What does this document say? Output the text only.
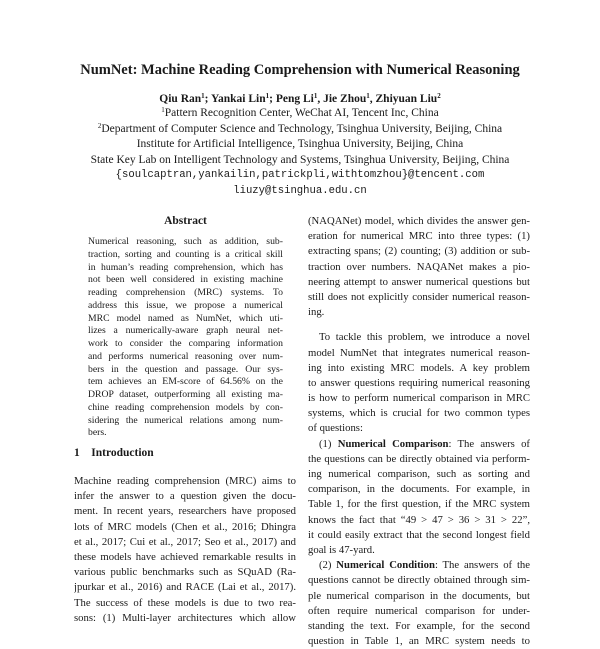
NumNet: Machine Reading Comprehension with Numerical Reasoning
Qiu Ran$^1$; Yankai Lin$^1$; Peng Li$^1$, Jie Zhou$^1$, Zhiyuan Liu$^2$
$^1$Pattern Recognition Center, WeChat AI, Tencent Inc, China
$^2$Department of Computer Science and Technology, Tsinghua University, Beijing, China
Institute for Artificial Intelligence, Tsinghua University, Beijing, China
State Key Lab on Intelligent Technology and Systems, Tsinghua University, Beijing, China
{soulcaptran,yankailin,patrickpli,withtomzhou}@tencent.com
liuzy@tsinghua.edu.cn
Abstract
Numerical reasoning, such as addition, sub-
traction, sorting and counting is a critical skill
in human’s reading comprehension, which has
not been well considered in existing machine
reading comprehension (MRC) systems. To
address this issue, we propose a numerical
MRC model named as NumNet, which uti-
lizes a numerically-aware graph neural net-
work to consider the comparing information
and performs numerical reasoning over num-
bers in the question and passage. Our sys-
tem achieves an EM-score of 64.56% on the
DROP dataset, outperforming all existing ma-
chine reading comprehension models by con-
sidering the numerical relations among num-
bers.
1 Introduction
Machine reading comprehension (MRC) aims to
infer the answer to a question given the docu-
ment. In recent years, researchers have proposed
lots of MRC models (Chen et al., 2016; Dhingra
et al., 2017; Cui et al., 2017; Seo et al., 2017) and
these models have achieved remarkable results in
various public benchmarks such as SQuAD (Ra-
jpurkar et al., 2016) and RACE (Lai et al., 2017).
The success of these models is due to two rea-
sons: (1) Multi-layer architectures which allow
(NAQANet) model, which divides the answer gen-
eration for numerical MRC into three types: (1)
extracting spans; (2) counting; (3) addition or sub-
traction over numbers. NAQANet makes a pio-
neering attempt to answer numerical questions but
still does not explicitly consider numerical reason-
ing.
To tackle this problem, we introduce a novel
model NumNet that integrates numerical reason-
ing into existing MRC models. A key problem
to answer questions requiring numerical reasoning
is how to perform numerical comparison in MRC
systems, which is crucial for two common types
of questions:
(1) Numerical Comparison: The answers of
the questions can be directly obtained via perform-
ing numerical comparison, such as sorting and
comparison, in the documents. For example, in
Table 1, for the first question, if the MRC system
knows the fact that “49 > 47 > 36 > 31 > 22”,
it could easily extract that the second longest field
goal is 47-yard.
(2) Numerical Condition: The answers of the
questions cannot be directly obtained through sim-
ple numerical comparison in the documents, but
often require numerical comparison for under-
standing the text. For example, for the second
question in Table 1, an MRC system needs to
